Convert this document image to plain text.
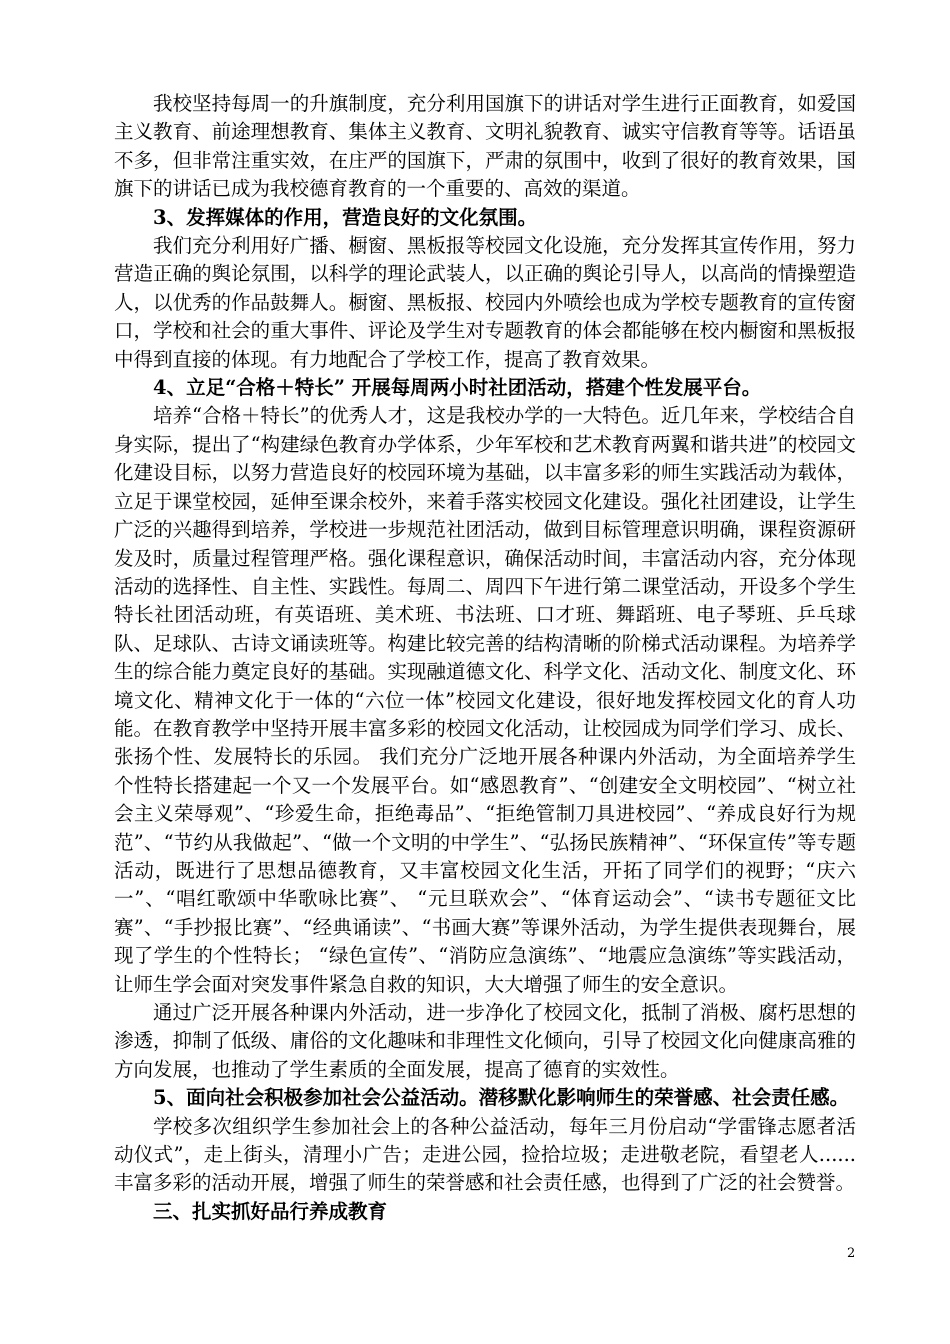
我校坚持每周一的升旗制度，充分利用国旗下的讲话对学生进行正面教育，如爱国主义教育、前途理想教育、集体主义教育、文明礼貌教育、诚实守信教育等等。话语虽不多，但非常注重实效，在庄严的国旗下，严肃的氛围中，收到了很好的教育效果，国旗下的讲话已成为我校德育教育的一个重要的、高效的渠道。

3、发挥媒体的作用，营造良好的文化氛围。

我们充分利用好广播、橱窗、黑板报等校园文化设施，充分发挥其宣传作用，努力营造正确的舆论氛围，以科学的理论武装人，以正确的舆论引导人，以高尚的情操塑造人，以优秀的作品鼓舞人。橱窗、黑板报、校园内外喷绘也成为学校专题教育的宣传窗口，学校和社会的重大事件、评论及学生对专题教育的体会都能够在校内橱窗和黑板报中得到直接的体现。有力地配合了学校工作，提高了教育效果。

4、立足“合格＋特长” 开展每周两小时社团活动，搭建个性发展平台。

培养“合格＋特长”的优秀人才，这是我校办学的一大特色。近几年来，学校结合自身实际，提出了“构建绿色教育办学体系，少年军校和艺术教育两翼和谐共进”的校园文化建设目标，以努力营造良好的校园环境为基础，以丰富多彩的师生实践活动为载体，立足于课堂校园，延伸至课余校外，来着手落实校园文化建设。强化社团建设，让学生广泛的兴趣得到培养，学校进一步规范社团活动，做到目标管理意识明确，课程资源研发及时，质量过程管理严格。强化课程意识，确保活动时间，丰富活动内容，充分体现活动的选择性、自主性、实践性。每周二、周四下午进行第二课堂活动，开设多个学生特长社团活动班，有英语班、美术班、书法班、口才班、舞蹈班、电子琴班、乒乓球队、足球队、古诗文诵读班等。构建比较完善的结构清晰的阶梯式活动课程。为培养学生的综合能力奠定良好的基础。实现融道德文化、科学文化、活动文化、制度文化、环境文化、精神文化于一体的“六位一体”校园文化建设，很好地发挥校园文化的育人功能。在教育教学中坚持开展丰富多彩的校园文化活动，让校园成为同学们学习、成长、张扬个性、发展特长的乐园。 我们充分广泛地开展各种课内外活动，为全面培养学生个性特长搭建起一个又一个发展平台。如“感恩教育”、“创建安全文明校园”、“树立社会主义荣辱观”、“珍爱生命，拒绝毒品”、“拒绝管制刀具进校园”、“养成良好行为规范”、“节约从我做起”、“做一个文明的中学生”、“弘扬民族精神”、“环保宣传”等专题活动，既进行了思想品德教育，又丰富校园文化生活，开拓了同学们的视野；“庆六一”、“唱红歌颂中华歌咏比赛”、 “元旦联欢会”、“体育运动会”、“读书专题征文比赛”、“手抄报比赛”、“经典诵读”、“书画大赛”等课外活动，为学生提供表现舞台，展现了学生的个性特长； “绿色宣传”、“消防应急演练”、“地震应急演练”等实践活动，让师生学会面对突发事件紧急自救的知识，大大增强了师生的安全意识。

通过广泛开展各种课内外活动，进一步净化了校园文化，抵制了消极、腐朽思想的渗透，抑制了低级、庸俗的文化趣味和非理性文化倾向，引导了校园文化向健康高雅的方向发展，也推动了学生素质的全面发展，提高了德育的实效性。

5、面向社会积极参加社会公益活动。潜移默化影响师生的荣誉感、社会责任感。

学校多次组织学生参加社会上的各种公益活动，每年三月份启动“学雷锋志愿者活动仪式”，走上街头，清理小广告；走进公园，捡拾垃圾；走进敬老院，看望老人......丰富多彩的活动开展，增强了师生的荣誉感和社会责任感，也得到了广泛的社会赞誉。

三、扎实抓好品行养成教育

2
